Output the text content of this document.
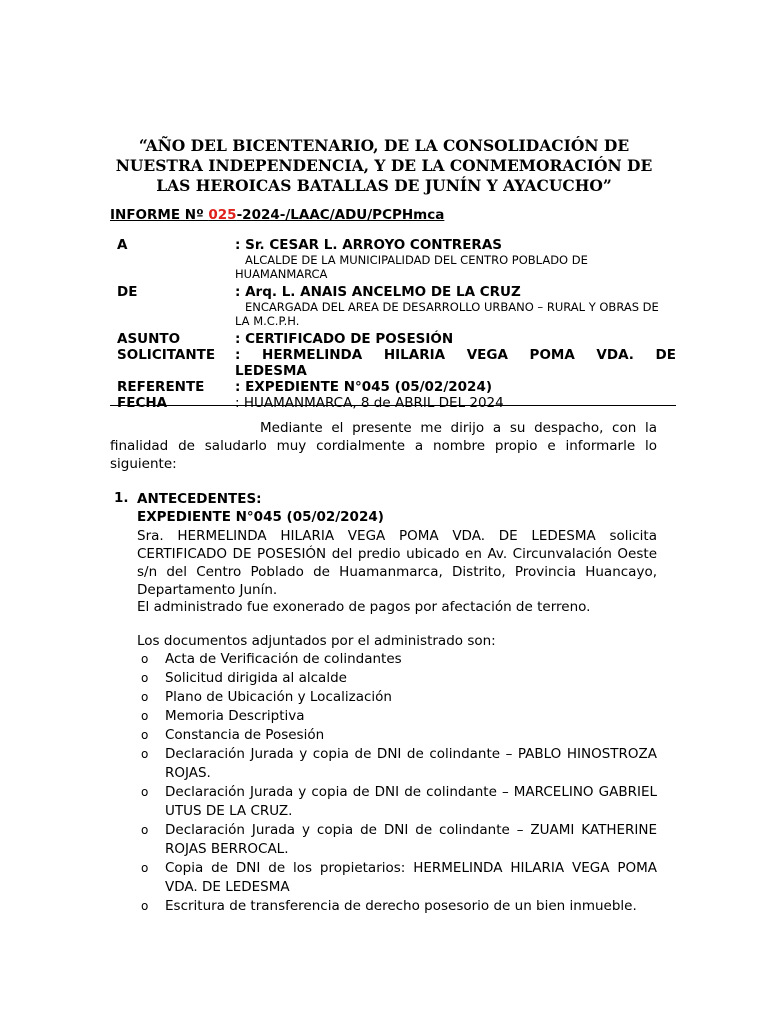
“AÑO DEL BICENTENARIO, DE LA CONSOLIDACIÓN DE
NUESTRA INDEPENDENCIA, Y DE LA CONMEMORACIÓN DE
LAS HEROICAS BATALLAS DE JUNÍN Y AYACUCHO”
INFORME Nº 025-2024-/LAAC/ADU/PCPHmca
A	: Sr. CESAR L. ARROYO CONTRERAS
ALCALDE DE LA MUNICIPALIDAD DEL CENTRO POBLADO DE HUAMANMARCA
DE	: Arq. L. ANAIS ANCELMO DE LA CRUZ
ENCARGADA DEL AREA DE DESARROLLO URBANO – RURAL Y OBRAS DE LA M.C.P.H.
ASUNTO	: CERTIFICADO DE POSESIÓN
SOLICITANTE : HERMELINDA HILARIA VEGA POMA VDA. DE LEDESMA
REFERENTE : EXPEDIENTE N°045 (05/02/2024)
FECHA	: HUAMANMARCA, 8 de ABRIL DEL 2024
Mediante el presente me dirijo a su despacho, con la finalidad de saludarlo muy cordialmente a nombre propio e informarle lo siguiente:
1. ANTECEDENTES:
EXPEDIENTE N°045 (05/02/2024)
Sra. HERMELINDA HILARIA VEGA POMA VDA. DE LEDESMA solicita CERTIFICADO DE POSESIÓN del predio ubicado en Av. Circunvalación Oeste s/n del Centro Poblado de Huamanmarca, Distrito, Provincia Huancayo, Departamento Junín.
El administrado fue exonerado de pagos por afectación de terreno.
Los documentos adjuntados por el administrado son:
o Acta de Verificación de colindantes
o Solicitud dirigida al alcalde
o Plano de Ubicación y Localización
o Memoria Descriptiva
o Constancia de Posesión
o Declaración Jurada y copia de DNI de colindante – PABLO HINOSTROZA ROJAS.
o Declaración Jurada y copia de DNI de colindante – MARCELINO GABRIEL UTUS DE LA CRUZ.
o Declaración Jurada y copia de DNI de colindante – ZUAMI KATHERINE ROJAS BERROCAL.
o Copia de DNI de los propietarios: HERMELINDA HILARIA VEGA POMA VDA. DE LEDESMA
o Escritura de transferencia de derecho posesorio de un bien inmueble.
